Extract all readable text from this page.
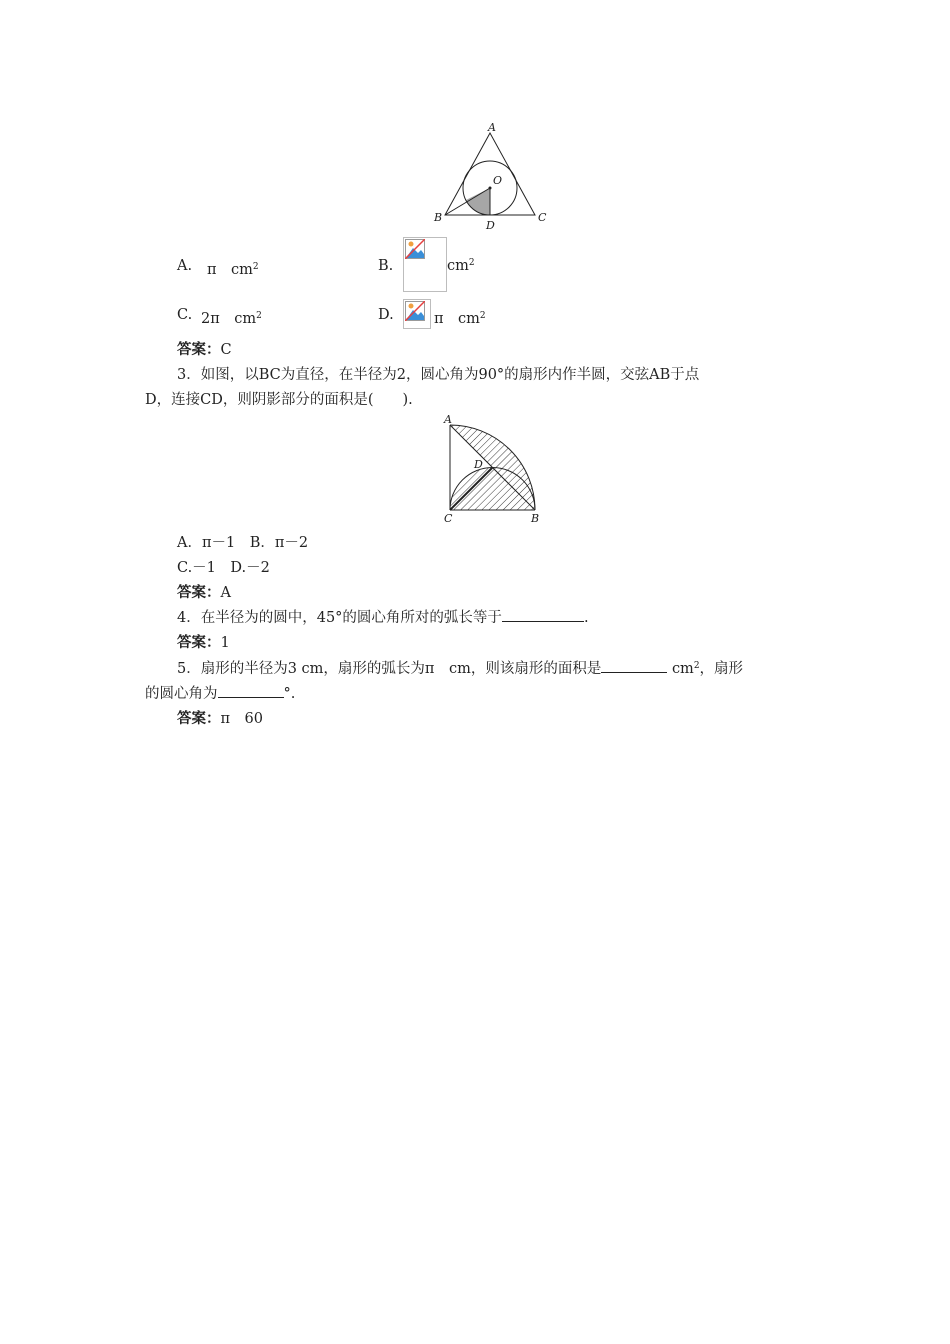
A
O
B
D
C
A. π　$cm^2$	B.	$cm^2$
C. 2π　$cm^2$	D.	π　$cm^2$
答案：C
3．如图，以BC为直径，在半径为2，圆心角为90°的扇形内作半圆，交弦AB于点
D，连接CD，则阴影部分的面积是(　　).
A
D
C	B
A．π－1　B．π－2
C.－1　D.－2
答案：A
4．在半径为的圆中，45°的圆心角所对的弧长等于	.
答案：1
5．扇形的半径为3 cm，扇形的弧长为π　cm，则该扇形的面积是	$cm^2$，扇形
的圆心角为	°.
答案：π　60
